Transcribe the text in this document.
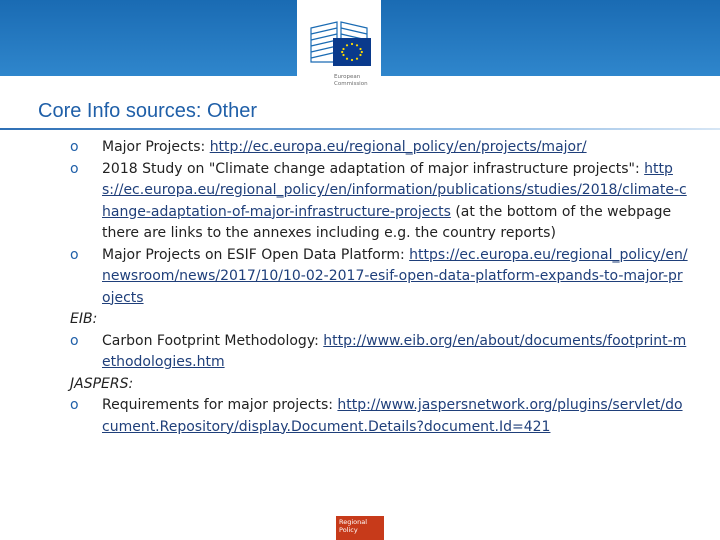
European
Commission
Core Info sources: Other
o Major Projects: http://ec.europa.eu/regional_policy/en/projects/major/
o 2018 Study on "Climate change adaptation of major infrastructure projects": https://ec.europa.eu/regional_policy/en/information/publications/studies/2018/climate-change-adaptation-of-major-infrastructure-projects (at the bottom of the webpage there are links to the annexes including e.g. the country reports)
o Major Projects on ESIF Open Data Platform: https://ec.europa.eu/regional_policy/en/newsroom/news/2017/10/10-02-2017-esif-open-data-platform-expands-to-major-projects
EIB:
o Carbon Footprint Methodology: http://www.eib.org/en/about/documents/footprint-methodologies.htm
JASPERS:
o Requirements for major projects: http://www.jaspersnetwork.org/plugins/servlet/document.Repository/display.Document.Details?document.Id=421
Regional
Policy
